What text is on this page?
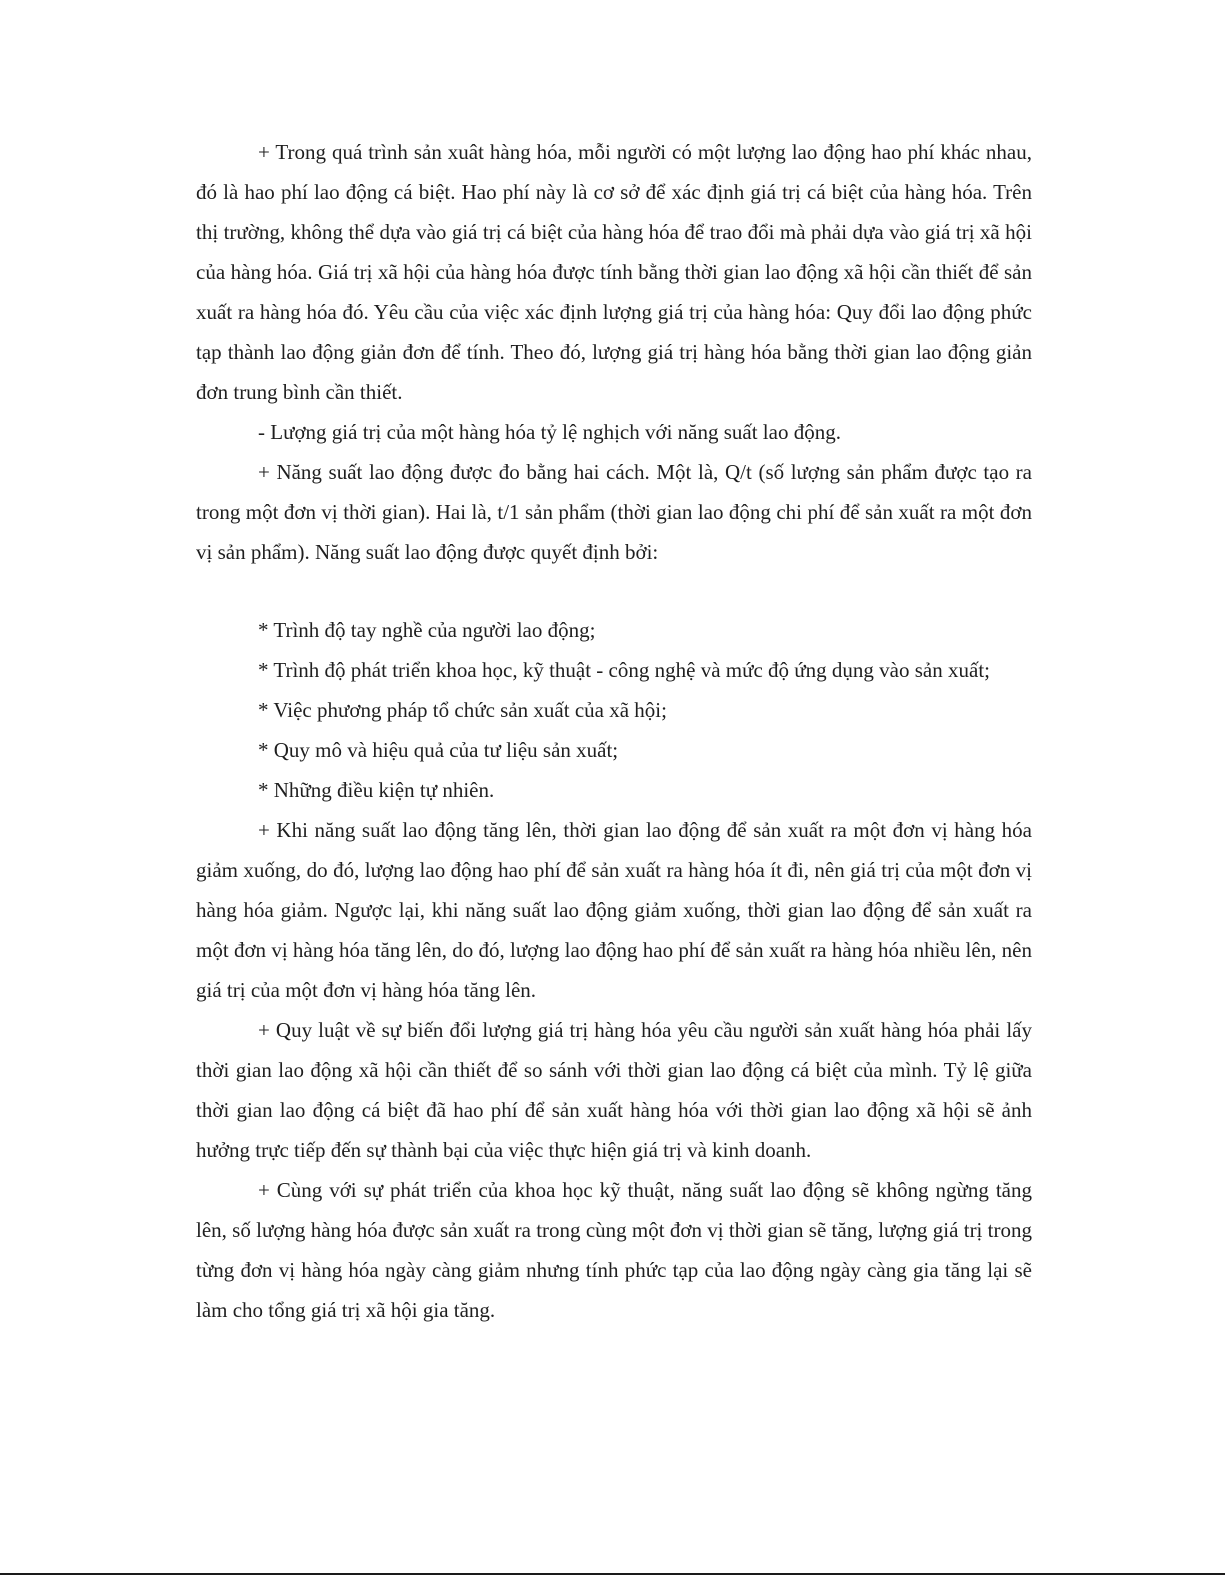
+ Trong quá trình sản xuât hàng hóa, mỗi người có một lượng lao động hao phí khác nhau, đó là hao phí lao động cá biệt. Hao phí này là cơ sở để xác định giá trị cá biệt của hàng hóa. Trên thị trường, không thể dựa vào giá trị cá biệt của hàng hóa để trao đổi mà phải dựa vào giá trị xã hội của hàng hóa. Giá trị xã hội của hàng hóa được tính bằng thời gian lao động xã hội cần thiết để sản xuất ra hàng hóa đó. Yêu cầu của việc xác định lượng giá trị của hàng hóa: Quy đổi lao động phức tạp thành lao động giản đơn để tính. Theo đó, lượng giá trị hàng hóa bằng thời gian lao động giản đơn trung bình cần thiết.

- Lượng giá trị của một hàng hóa tỷ lệ nghịch với năng suất lao động.

+ Năng suất lao động được đo bằng hai cách. Một là, Q/t (số lượng sản phẩm được tạo ra trong một đơn vị thời gian). Hai là, t/1 sản phẩm (thời gian lao động chi phí để sản xuất ra một đơn vị sản phẩm). Năng suất lao động được quyết định bởi:

* Trình độ tay nghề của người lao động;

* Trình độ phát triển khoa học, kỹ thuật - công nghệ và mức độ ứng dụng vào sản xuất;

* Việc phương pháp tổ chức sản xuất của xã hội;

* Quy mô và hiệu quả của tư liệu sản xuất;

* Những điều kiện tự nhiên.

+ Khi năng suất lao động tăng lên, thời gian lao động để sản xuất ra một đơn vị hàng hóa giảm xuống, do đó, lượng lao động hao phí để sản xuất ra hàng hóa ít đi, nên giá trị của một đơn vị hàng hóa giảm. Ngược lại, khi năng suất lao động giảm xuống, thời gian lao động để sản xuất ra một đơn vị hàng hóa tăng lên, do đó, lượng lao động hao phí để sản xuất ra hàng hóa nhiều lên, nên giá trị của một đơn vị hàng hóa tăng lên.

+ Quy luật về sự biến đổi lượng giá trị hàng hóa yêu cầu người sản xuất hàng hóa phải lấy thời gian lao động xã hội cần thiết để so sánh với thời gian lao động cá biệt của mình. Tỷ lệ giữa thời gian lao động cá biệt đã hao phí để sản xuất hàng hóa với thời gian lao động xã hội sẽ ảnh hưởng trực tiếp đến sự thành bại của việc thực hiện giá trị và kinh doanh.

+ Cùng với sự phát triển của khoa học kỹ thuật, năng suất lao động sẽ không ngừng tăng lên, số lượng hàng hóa được sản xuất ra trong cùng một đơn vị thời gian sẽ tăng, lượng giá trị trong từng đơn vị hàng hóa ngày càng giảm nhưng tính phức tạp của lao động ngày càng gia tăng lại sẽ làm cho tổng giá trị xã hội gia tăng.
